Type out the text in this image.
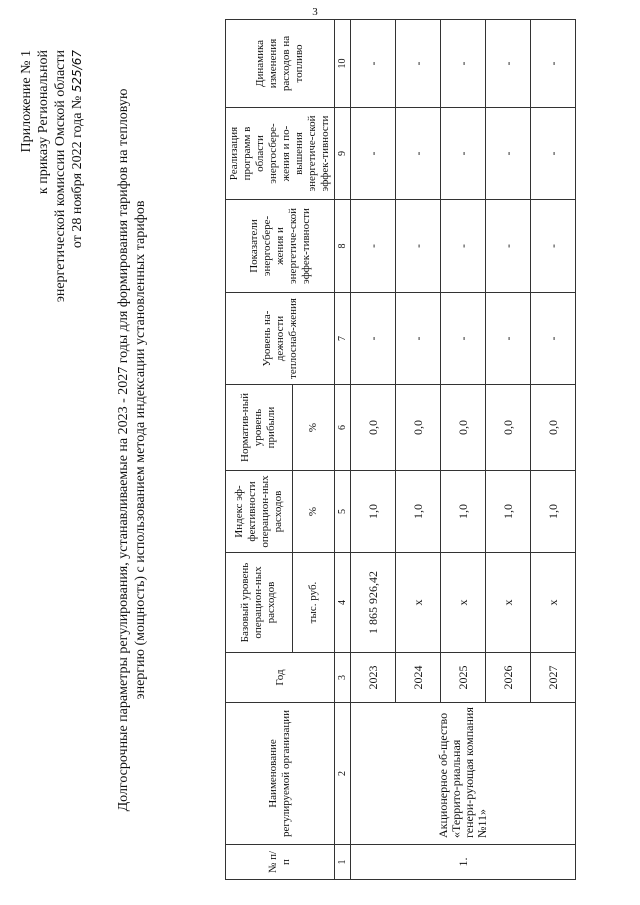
3
Приложение № 1 к приказу Региональной энергетической комиссии Омской области от 28 ноября 2022 года № 525/67
Долгосрочные параметры регулирования, устанавливаемые на 2023 - 2027 годы для формирования тарифов на тепловую энергию (мощность) с использованием метода индексации установленных тарифов
№ п/п	Наименование регулируемой организации	Год	Базовый уровень операцион-ных расходов	Индекс эф-фективности операцион-ных расходов	Норматив-ный уровень прибыли	Уровень на-дежности теплоснаб-жения	Показатели энергосбере-жения и энергетиче-ской эффек-тивности	Реализация программ в области энергосбере-жения и по-вышения энергетиче-ской эффек-тивности	Динамика изменения расходов на топливо
			тыс. руб.	%	%				
1	2	3	4	5	6	7	8	9	10
1.	Акционерное об-щество «Террито-риальная генери-рующая компания №11»	2023	1 865 926,42	1,0	0,0	-	-	-	-
		2024	x	1,0	0,0	-	-	-	-
		2025	x	1,0	0,0	-	-	-	-
		2026	x	1,0	0,0	-	-	-	-
		2027	x	1,0	0,0	-	-	-	-
